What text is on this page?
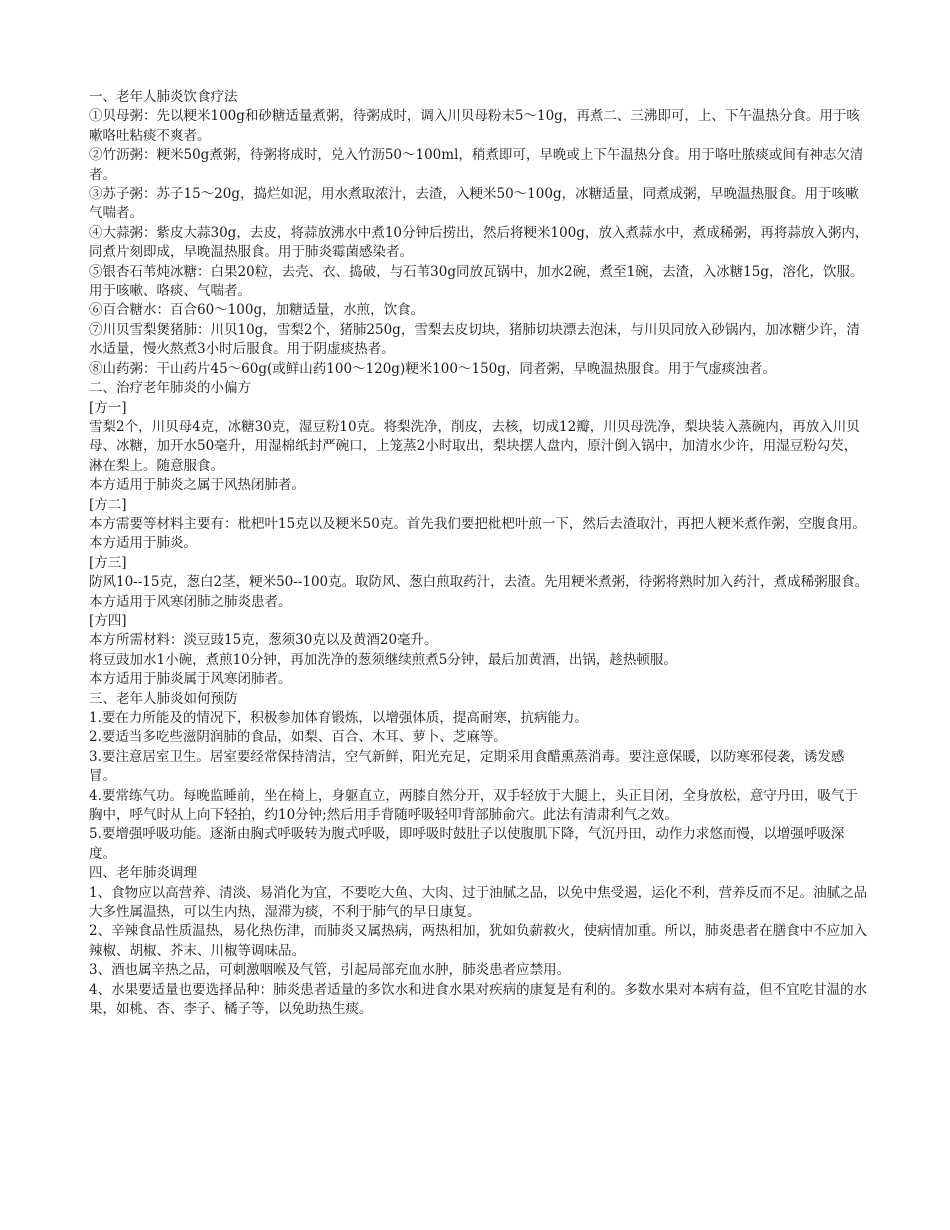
一、老年人肺炎饮食疗法

①贝母粥：先以粳米100g和砂糖适量煮粥，待粥成时，调入川贝母粉末5～10g，再煮二、三沸即可，上、下午温热分食。用于咳嗽咯吐粘痰不爽者。

②竹沥粥：粳米50g煮粥，待粥将成时，兑入竹沥50～100ml，稍煮即可，早晚或上下午温热分食。用于咯吐脓痰或间有神志欠清者。

③苏子粥：苏子15～20g，捣烂如泥，用水煮取浓汁，去渣，入粳米50～100g，冰糖适量，同煮成粥，早晚温热服食。用于咳嗽气喘者。

④大蒜粥：紫皮大蒜30g，去皮，将蒜放沸水中煮10分钟后捞出，然后将粳米100g，放入煮蒜水中，煮成稀粥，再将蒜放入粥内，同煮片刻即成，早晚温热服食。用于肺炎霉菌感染者。

⑤银杏石苇炖冰糖：白果20粒，去壳、衣、捣破，与石苇30g同放瓦锅中，加水2碗，煮至1碗，去渣，入冰糖15g，溶化，饮服。用于咳嗽、咯痰、气喘者。

⑥百合糖水：百合60～100g，加糖适量，水煎，饮食。

⑦川贝雪梨煲猪肺：川贝10g，雪梨2个，猪肺250g，雪梨去皮切块，猪肺切块漂去泡沫，与川贝同放入砂锅内，加冰糖少许，清水适量，慢火熬煮3小时后服食。用于阴虚痰热者。

⑧山药粥：干山药片45～60g(或鲜山药100～120g)粳米100～150g，同者粥，早晚温热服食。用于气虚痰浊者。

二、治疗老年肺炎的小偏方

[方一]

雪梨2个，川贝母4克，冰糖30克，湿豆粉10克。将梨洗净，削皮，去核，切成12瓣，川贝母洗净，梨块装入蒸碗内，再放入川贝母、冰糖，加开水50毫升，用湿棉纸封严碗口，上笼蒸2小时取出，梨块摆人盘内，原汁倒入锅中，加清水少许，用湿豆粉勾芡，淋在梨上。随意服食。

本方适用于肺炎之属于风热闭肺者。

[方二]

本方需要等材料主要有：枇杷叶15克以及粳米50克。首先我们要把枇杷叶煎一下，然后去渣取汁，再把人粳米煮作粥，空腹食用。

本方适用于肺炎。

[方三]

防风10--15克，葱白2茎，粳米50--100克。取防风、葱白煎取药汁，去渣。先用粳米煮粥，待粥将熟时加入药汁，煮成稀粥服食。

本方适用于风寒闭肺之肺炎患者。

[方四]

本方所需材料：淡豆豉15克，葱须30克以及黄酒20毫升。

将豆豉加水1小碗，煮煎10分钟，再加洗净的葱须继续煎煮5分钟，最后加黄酒，出锅，趁热顿服。

本方适用于肺炎属于风寒闭肺者。

三、老年人肺炎如何预防

1.要在力所能及的情况下，积极参加体育锻炼，以增强体质，提高耐寒，抗病能力。

2.要适当多吃些滋阴润肺的食品，如梨、百合、木耳、萝卜、芝麻等。

3.要注意居室卫生。居室要经常保持清洁，空气新鲜，阳光充足，定期采用食醋熏蒸消毒。要注意保暖，以防寒邪侵袭，诱发感冒。

4.要常练气功。每晚监睡前，坐在椅上，身躯直立，两膝自然分开，双手轻放于大腿上，头正目闭，全身放松，意守丹田，吸气于胸中，呼气时从上向下轻拍，约10分钟;然后用手背随呼吸轻叩背部肺俞穴。此法有清肃利气之效。

5.要增强呼吸功能。逐渐由胸式呼吸转为腹式呼吸，即呼吸时鼓肚子以使腹肌下降，气沉丹田，动作力求悠而慢，以增强呼吸深度。

四、老年肺炎调理

1、食物应以高营养、清淡、易消化为宜，不要吃大鱼、大肉、过于油腻之品，以免中焦受遏，运化不利，营养反而不足。油腻之品大多性属温热，可以生内热，湿滞为痰，不利于肺气的早日康复。

2、辛辣食品性质温热，易化热伤津，而肺炎又属热病，两热相加，犹如负薪救火，使病情加重。所以，肺炎患者在膳食中不应加入辣椒、胡椒、芥末、川椒等调味品。

3、酒也属辛热之品，可刺激咽喉及气管，引起局部充血水肿，肺炎患者应禁用。

4、水果要适量也要选择品种：肺炎患者适量的多饮水和进食水果对疾病的康复是有利的。多数水果对本病有益，但不宜吃甘温的水果，如桃、杏、李子、橘子等，以免助热生痰。
